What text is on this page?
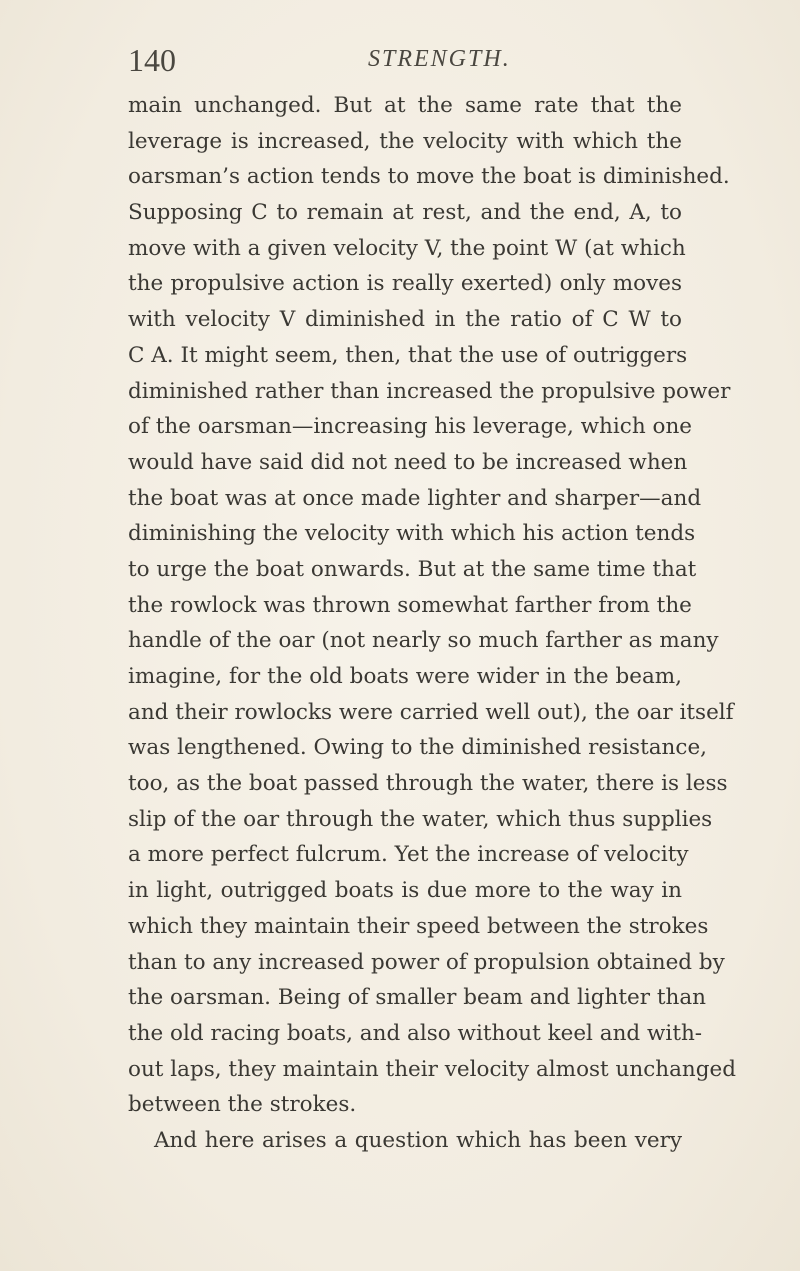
140	STRENGTH.
main unchanged. But at the same rate that the
leverage is increased, the velocity with which the
oarsman’s action tends to move the boat is diminished.
Supposing C to remain at rest, and the end, A, to
move with a given velocity V, the point W (at which
the propulsive action is really exerted) only moves
with velocity V diminished in the ratio of C W to
C A. It might seem, then, that the use of outriggers
diminished rather than increased the propulsive power
of the oarsman—increasing his leverage, which one
would have said did not need to be increased when
the boat was at once made lighter and sharper—and
diminishing the velocity with which his action tends
to urge the boat onwards. But at the same time that
the rowlock was thrown somewhat farther from the
handle of the oar (not nearly so much farther as many
imagine, for the old boats were wider in the beam,
and their rowlocks were carried well out), the oar itself
was lengthened. Owing to the diminished resistance,
too, as the boat passed through the water, there is less
slip of the oar through the water, which thus supplies
a more perfect fulcrum. Yet the increase of velocity
in light, outrigged boats is due more to the way in
which they maintain their speed between the strokes
than to any increased power of propulsion obtained by
the oarsman. Being of smaller beam and lighter than
the old racing boats, and also without keel and with-
out laps, they maintain their velocity almost unchanged
between the strokes.
And here arises a question which has been very
